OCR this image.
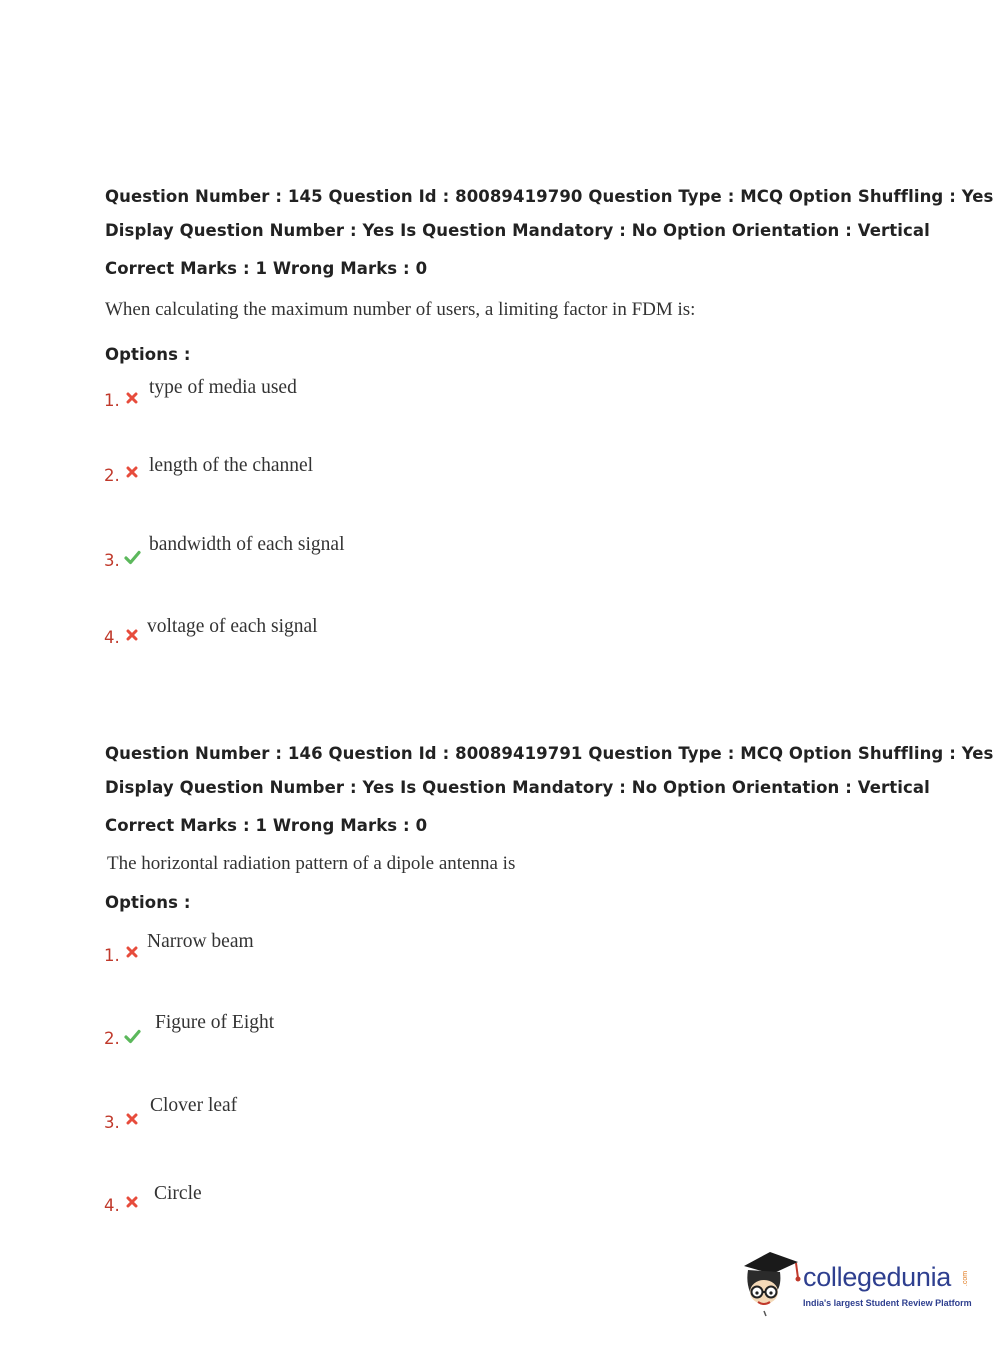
Question Number : 145 Question Id : 80089419790 Question Type : MCQ Option Shuffling : Yes
Display Question Number : Yes Is Question Mandatory : No Option Orientation : Vertical
Correct Marks : 1 Wrong Marks : 0
When calculating the maximum number of users, a limiting factor in FDM is:
Options :
1.
type of media used
2. length of the channel
3.
bandwidth of each signal
4.
voltage of each signal
Question Number : 146 Question Id : 80089419791 Question Type : MCQ Option Shuffling : Yes
Display Question Number : Yes Is Question Mandatory : No Option Orientation : Vertical
Correct Marks : 1 Wrong Marks : 0
The horizontal radiation pattern of a dipole antenna is
Options :
1.
Narrow beam
2.
Figure of Eight
3.
Clover leaf
4.
Circle
collegedunia .com
India's largest Student Review Platform
